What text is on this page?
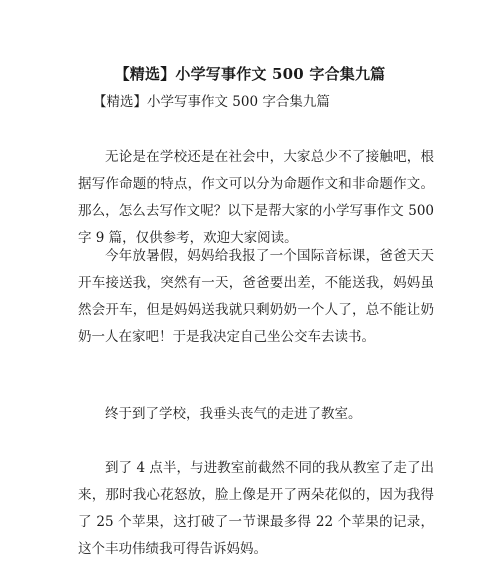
【精选】小学写事作文 500 字合集九篇
【精选】小学写事作文 500 字合集九篇

无论是在学校还是在社会中，大家总少不了接触吧，根据写作命题的特点，作文可以分为命题作文和非命题作文。那么，怎么去写作文呢？以下是帮大家的小学写事作文 500 字 9 篇，仅供参考，欢迎大家阅读。

今年放暑假，妈妈给我报了一个国际音标课，爸爸天天开车接送我，突然有一天，爸爸要出差，不能送我，妈妈虽然会开车，但是妈妈送我就只剩奶奶一个人了，总不能让奶奶一人在家吧！于是我决定自己坐公交车去读书。

终于到了学校，我垂头丧气的走进了教室。

到了 4 点半，与进教室前截然不同的我从教室了走了出来，那时我心花怒放，脸上像是开了两朵花似的，因为我得了 25 个苹果，这打破了一节课最多得 22 个苹果的记录，这个丰功伟绩我可得告诉妈妈。
